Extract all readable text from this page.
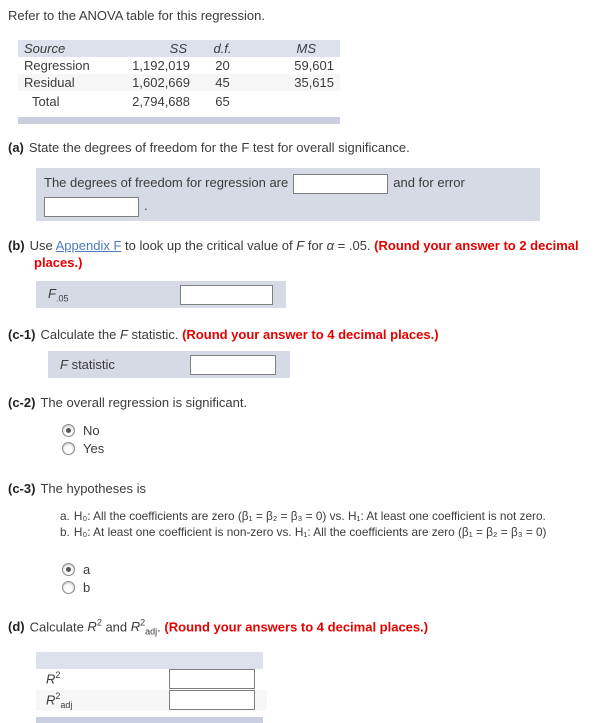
Refer to the ANOVA table for this regression.
Source	SS	d.f.	MS
Regression	1,192,019	20	59,601
Residual	1,602,669	45	35,615
Total	2,794,688	65	
(a) State the degrees of freedom for the F test for overall significance.
The degrees of freedom for regression are	and for error
.
(b) Use Appendix F to look up the critical value of F for α = .05. (Round your answer to 2 decimal places.)
$F_{.05}$
(c-1) Calculate the F statistic. (Round your answer to 4 decimal places.)
F statistic
(c-2) The overall regression is significant.
No
Yes
(c-3) The hypotheses is
a. H₀: All the coefficients are zero (β₁ = β₂ = β₃ = 0) vs. H₁: At least one coefficient is not zero.
b. H₀: At least one coefficient is non-zero vs. H₁: All the coefficients are zero (β₁ = β₂ = β₃ = 0)
a
b
(d) Calculate $R^2$ and $R^2_{adj}$. (Round your answers to 4 decimal places.)
$R^2$
$R^2_{adj}$
